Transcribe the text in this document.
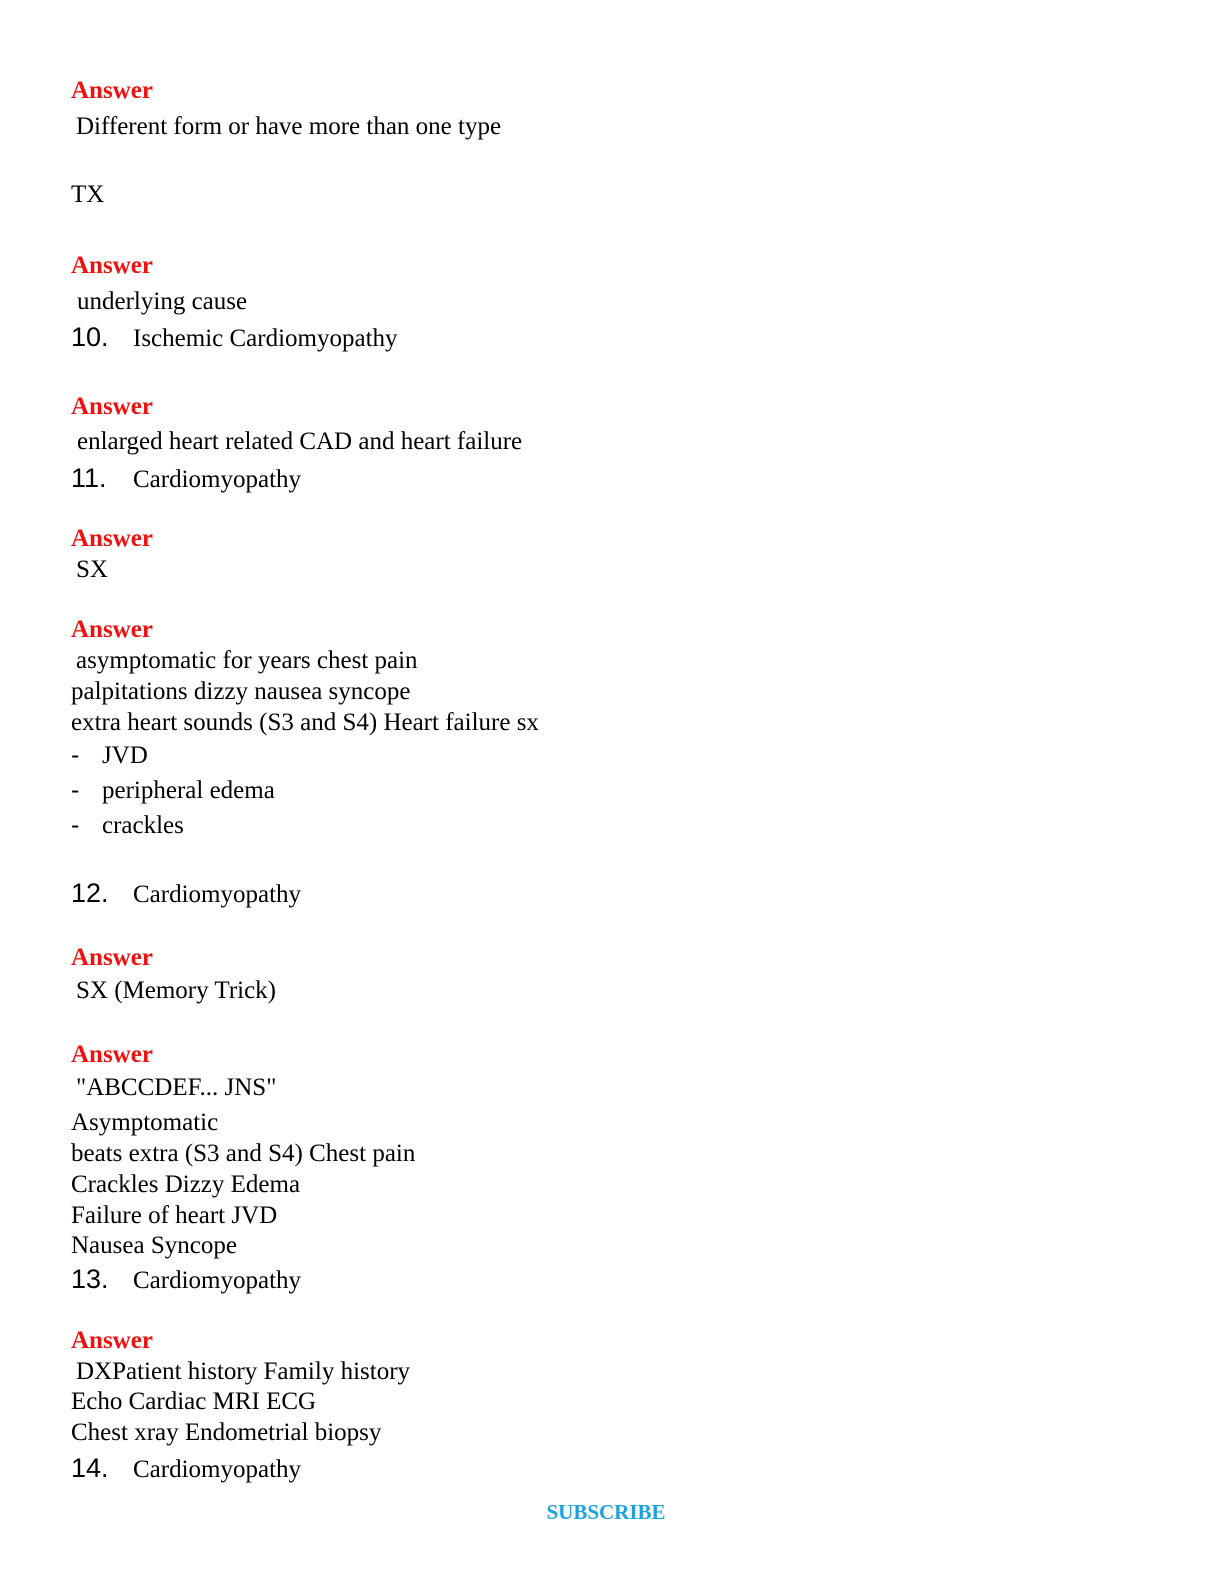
Answer
Different form or have more than one type
TX
Answer
underlying cause
10. Ischemic Cardiomyopathy
Answer
enlarged heart related CAD and heart failure
11. Cardiomyopathy
Answer
SX
Answer
asymptomatic for years chest pain
palpitations dizzy nausea syncope
extra heart sounds (S3 and S4) Heart failure sx
- JVD
- peripheral edema
- crackles
12. Cardiomyopathy
Answer
SX (Memory Trick)
Answer
"ABCCDEF... JNS"
Asymptomatic
beats extra (S3 and S4) Chest pain
Crackles Dizzy Edema
Failure of heart JVD
Nausea Syncope
13. Cardiomyopathy
Answer
DXPatient history Family history
Echo Cardiac MRI ECG
Chest xray Endometrial biopsy
14. Cardiomyopathy
SUBSCRIBE
